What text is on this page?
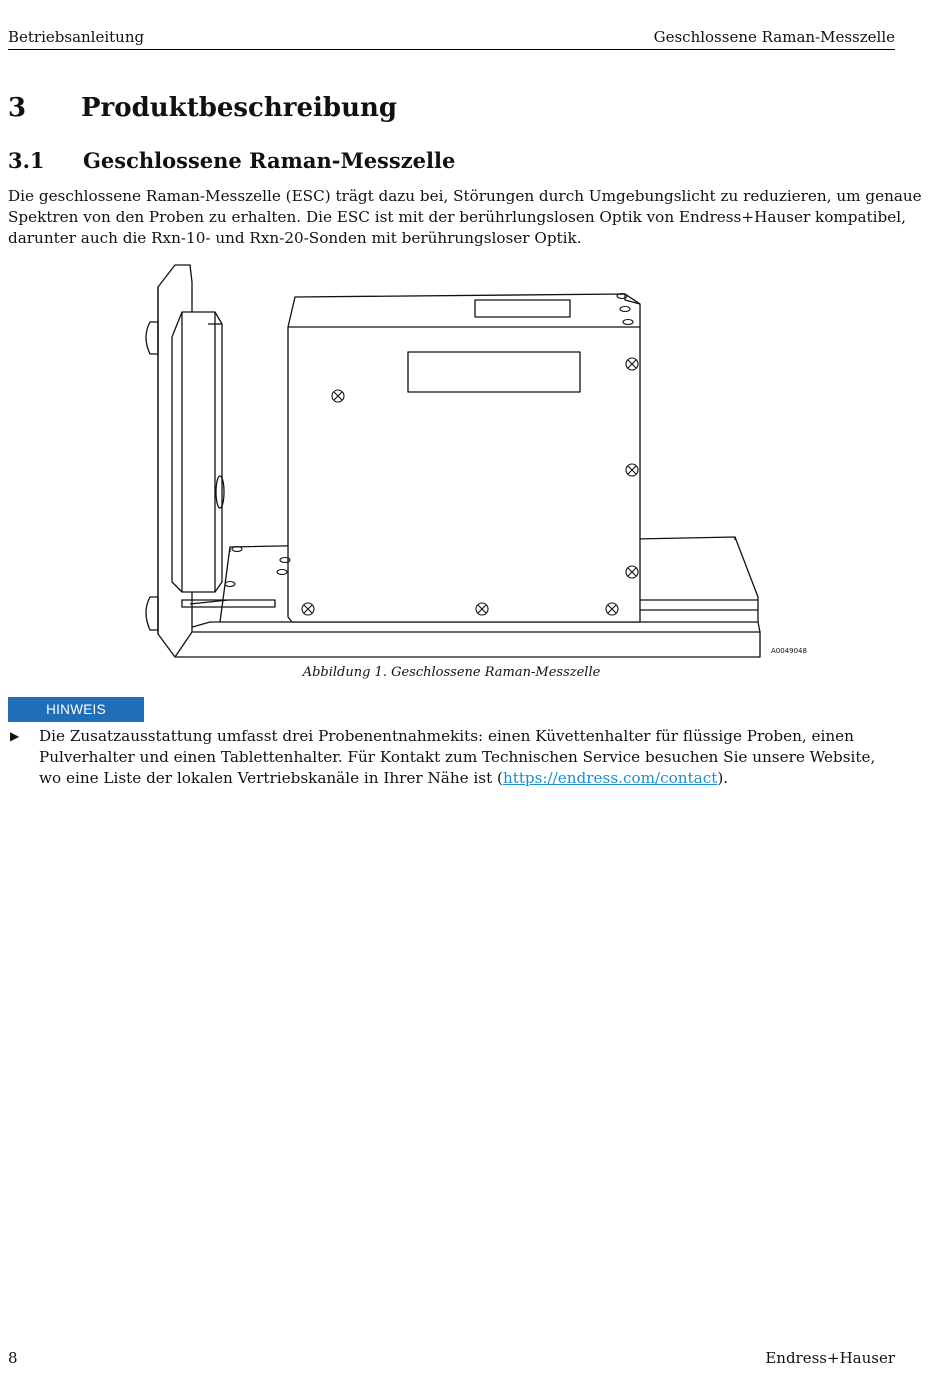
Betriebsanleitung	Geschlossene Raman-Messzelle
3 Produktbeschreibung
3.1 Geschlossene Raman-Messzelle
Die geschlossene Raman-Messzelle (ESC) trägt dazu bei, Störungen durch Umgebungslicht zu reduzieren, um genaue
Spektren von den Proben zu erhalten. Die ESC ist mit der berührlungslosen Optik von Endress+Hauser kompatibel,
darunter auch die Rxn-10- und Rxn-20-Sonden mit berührungsloser Optik.
A0049048
Abbildung 1. Geschlossene Raman-Messzelle
HINWEIS
▶ Die Zusatzausstattung umfasst drei Probenentnahmekits: einen Küvettenhalter für flüssige Proben, einen
Pulverhalter und einen Tablettenhalter. Für Kontakt zum Technischen Service besuchen Sie unsere Website,
wo eine Liste der lokalen Vertriebskanäle in Ihrer Nähe ist (https://endress.com/contact).
8	Endress+Hauser
